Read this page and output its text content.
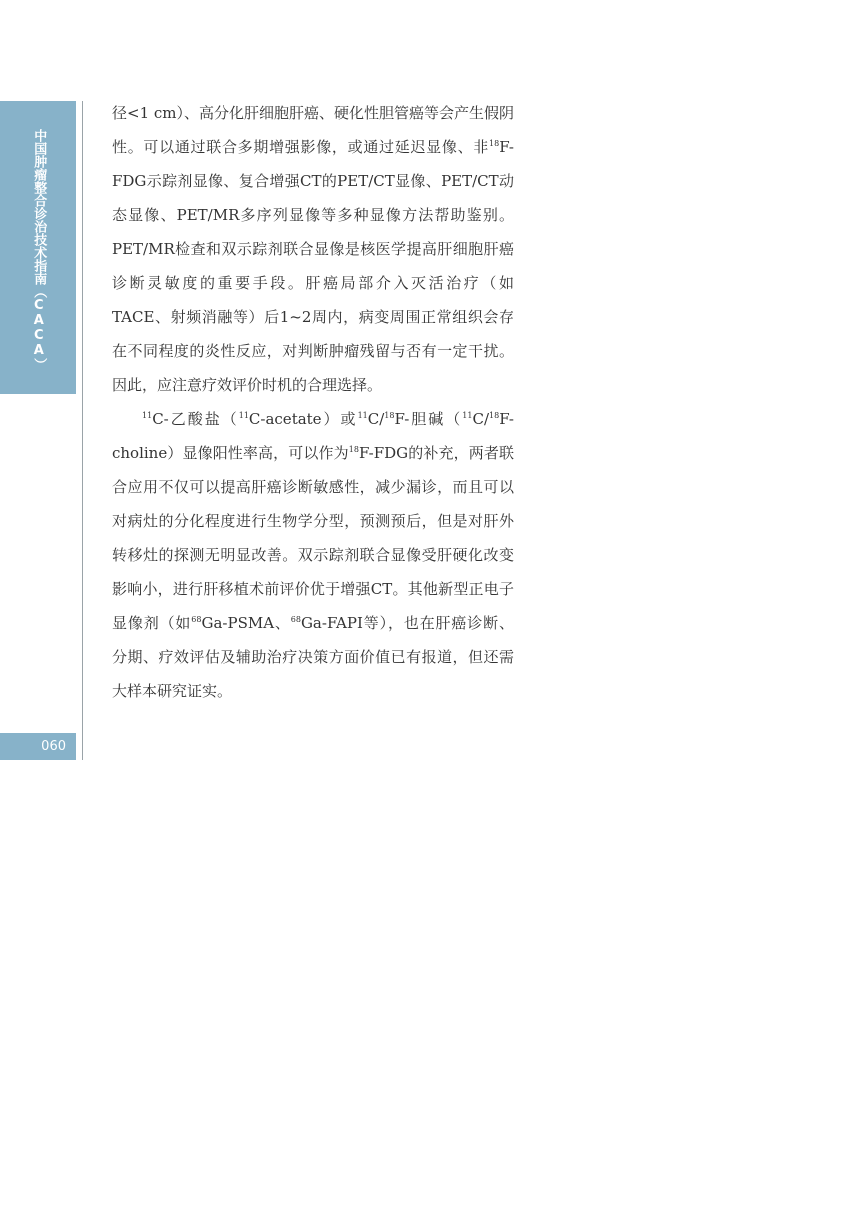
中国肿瘤整合诊治技术指南（CACA）
060

径<1 cm）、高分化肝细胞肝癌、硬化性胆管癌等会产生假阴性。可以通过联合多期增强影像，或通过延迟显像、非$^{18}$F-FDG示踪剂显像、复合增强CT的PET/CT显像、PET/CT动态显像、PET/MR多序列显像等多种显像方法帮助鉴别。PET/MR检查和双示踪剂联合显像是核医学提高肝细胞肝癌诊断灵敏度的重要手段。肝癌局部介入灭活治疗（如TACE、射频消融等）后1~2周内，病变周围正常组织会存在不同程度的炎性反应，对判断肿瘤残留与否有一定干扰。因此，应注意疗效评价时机的合理选择。

$^{11}$C-乙酸盐（$^{11}$C-acetate）或$^{11}$C/$^{18}$F-胆碱（$^{11}$C/$^{18}$F-choline）显像阳性率高，可以作为$^{18}$F-FDG的补充，两者联合应用不仅可以提高肝癌诊断敏感性，减少漏诊，而且可以对病灶的分化程度进行生物学分型，预测预后，但是对肝外转移灶的探测无明显改善。双示踪剂联合显像受肝硬化改变影响小，进行肝移植术前评价优于增强CT。其他新型正电子显像剂（如$^{68}$Ga-PSMA、$^{68}$Ga-FAPI等），也在肝癌诊断、分期、疗效评估及辅助治疗决策方面价值已有报道，但还需大样本研究证实。
